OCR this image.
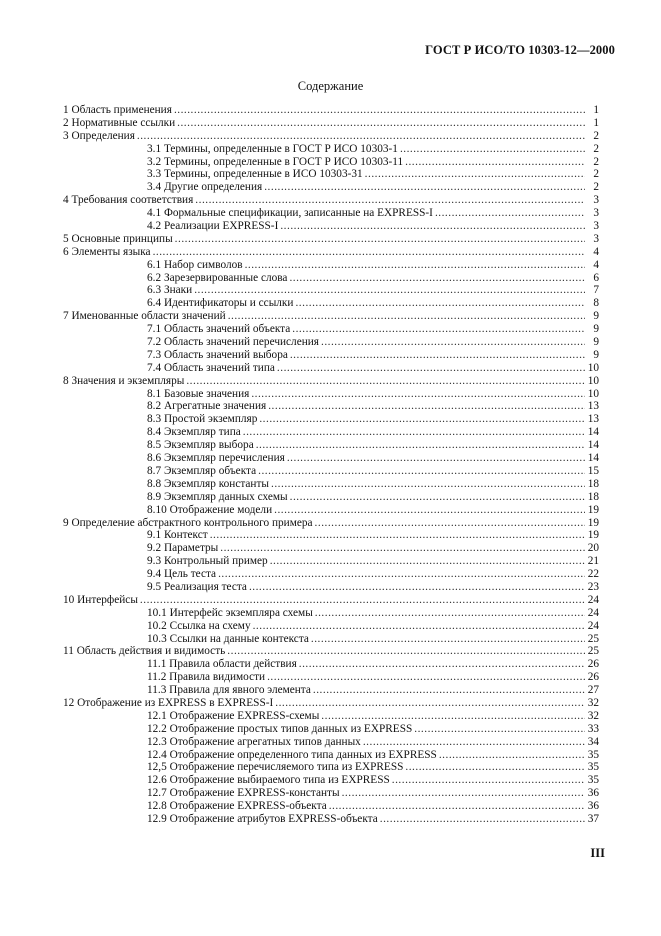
ГОСТ Р ИСО/ТО 10303-12—2000
Содержание
1 Область применения .....	1
2 Нормативные ссылки .....	1
3 Определения .....	2
3.1 Термины, определенные в ГОСТ Р ИСО 10303-1 .....	2
3.2 Термины, определенные в ГОСТ Р ИСО 10303-11 .....	2
3.3 Термины, определенные в ИСО 10303-31 .....	2
3.4 Другие определения .....	2
4 Требования соответствия .....	3
4.1 Формальные спецификации, записанные на EXPRESS-I .....	3
4.2 Реализации EXPRESS-I .....	3
5 Основные принципы .....	3
6 Элементы языка .....	4
6.1 Набор символов .....	4
6.2 Зарезервированные слова .....	6
6.3 Знаки .....	7
6.4 Идентификаторы и ссылки .....	8
7 Именованные области значений .....	9
7.1 Область значений объекта .....	9
7.2 Область значений перечисления .....	9
7.3 Область значений выбора .....	9
7.4 Область значений типа .....	10
8 Значения и экземпляры .....	10
8.1 Базовые значения .....	10
8.2 Агрегатные значения .....	13
8.3 Простой экземпляр .....	13
8.4 Экземпляр типа .....	14
8.5 Экземпляр выбора .....	14
8.6 Экземпляр перечисления .....	14
8.7 Экземпляр объекта .....	15
8.8 Экземпляр константы .....	18
8.9 Экземпляр данных схемы .....	18
8.10 Отображение модели .....	19
9 Определение абстрактного контрольного примера .....	19
9.1 Контекст .....	19
9.2 Параметры .....	20
9.3 Контрольный пример .....	21
9.4 Цель теста .....	22
9.5 Реализация теста .....	23
10 Интерфейсы .....	24
10.1 Интерфейс экземпляра схемы .....	24
10.2 Ссылка на схему .....	24
10.3 Ссылки на данные контекста .....	25
11 Область действия и видимость .....	25
11.1 Правила области действия .....	26
11.2 Правила видимости .....	26
11.3 Правила для явного элемента .....	27
12 Отображение из EXPRESS в EXPRESS-I .....	32
12.1 Отображение EXPRESS-схемы .....	32
12.2 Отображение простых типов данных из EXPRESS .....	33
12.3 Отображение агрегатных типов данных .....	34
12.4 Отображение определенного типа данных из EXPRESS .....	35
12,5 Отображение перечисляемого типа из EXPRESS .....	35
12.6 Отображение выбираемого типа из EXPRESS .....	35
12.7 Отображение EXPRESS-константы .....	36
12.8 Отображение EXPRESS-объекта .....	36
12.9 Отображение атрибутов EXPRESS-объекта .....	37
III
